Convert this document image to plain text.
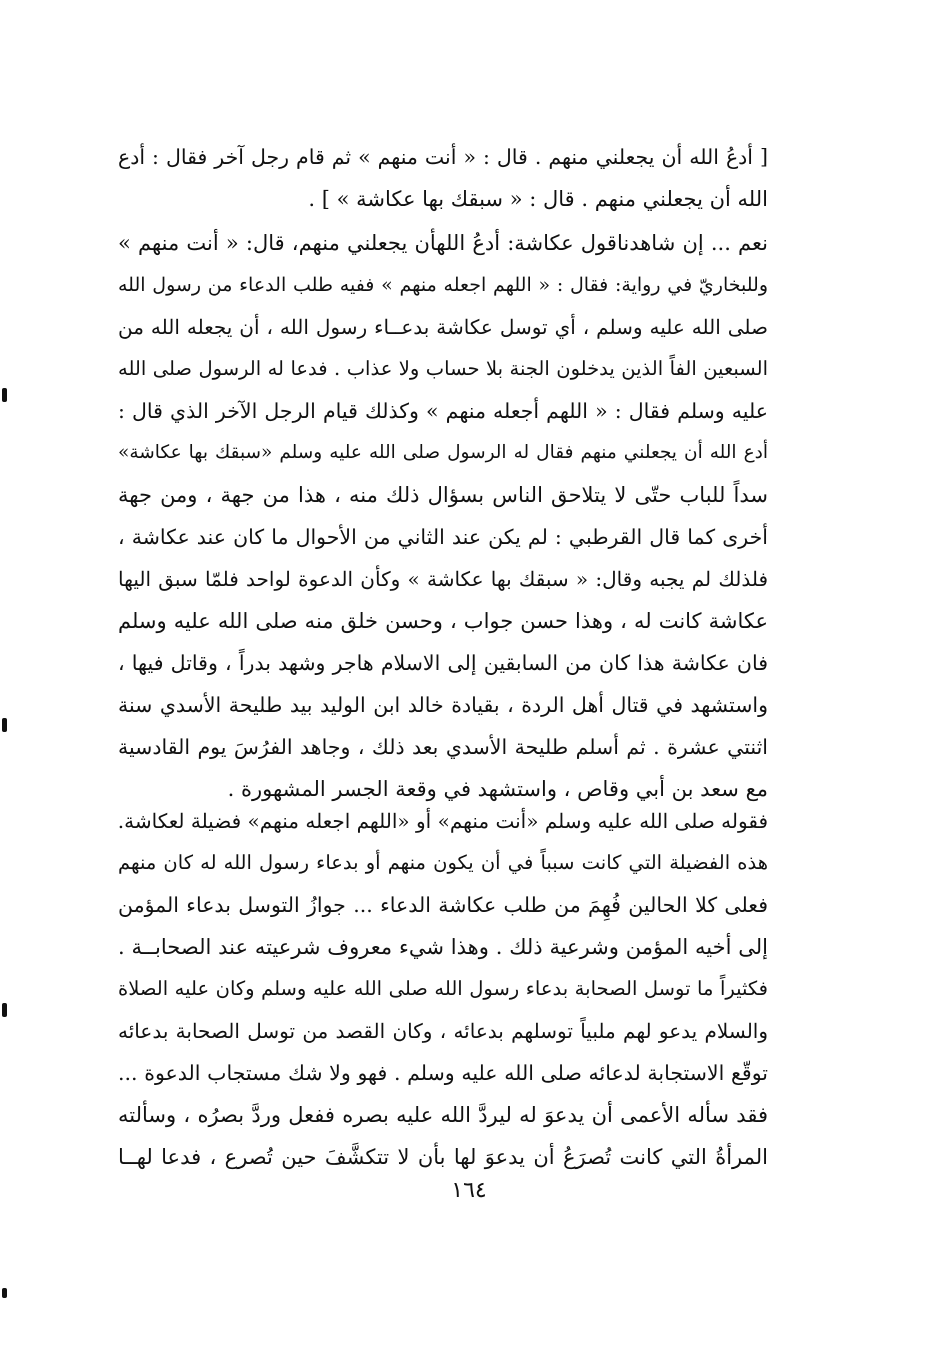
[ أدعُ الله أن يجعلني منهم . قال : « أنت منهم » ثم قام رجل آخر فقال : أدع
الله أن يجعلني منهم . قال : « سبقك بها عكاشة » ] .
نعم ... إن شاهدناقول عكاشة: أدعُ اللهأن يجعلني منهم، قال: « أنت منهم »
وللبخاريّ في رواية: فقال : « اللهم اجعله منهم » ففيه طلب الدعاء من رسول الله
صلى الله عليه وسلم ، أي توسل عكاشة بدعــاء رسول الله ، أن يجعله الله من
السبعين الفاً الذين يدخلون الجنة بلا حساب ولا عذاب . فدعا له الرسول صلى الله
عليه وسلم فقال : « اللهم أجعله منهم » وكذلك قيام الرجل الآخر الذي قال :
أدع الله أن يجعلني منهم فقال له الرسول صلى الله عليه وسلم «سبقك بها عكاشة»
سداً للباب حتّى لا يتلاحق الناس بسؤال ذلك منه ، هذا من جهة ، ومن جهة
أخرى كما قال القرطبي : لم يكن عند الثاني من الأحوال ما كان عند عكاشة ،
فلذلك لم يجبه وقال: « سبقك بها عكاشة » وكأن الدعوة لواحد فلمّا سبق اليها
عكاشة كانت له ، وهذا حسن جواب ، وحسن خلق منه صلى الله عليه وسلم
فان عكاشة هذا كان من السابقين إلى الاسلام هاجر وشهد بدراً ، وقاتل فيها ،
واستشهد في قتال أهل الردة ، بقيادة خالد ابن الوليد بيد طليحة الأسدي سنة
اثنتي عشرة . ثم أسلم طليحة الأسدي بعد ذلك ، وجاهد الفرُسَ يوم القادسية
مع سعد بن أبي وقاص ، واستشهد في وقعة الجسر المشهورة .
فقوله صلى الله عليه وسلم «أنت منهم» أو «اللهم اجعله منهم» فضيلة لعكاشة.
هذه الفضيلة التي كانت سبباً في أن يكون منهم أو بدعاء رسول الله له كان منهم
فعلى كلا الحالين فُهِمَ من طلب عكاشة الدعاء ... جوازُ التوسل بدعاء المؤمن
إلى أخيه المؤمن وشرعية ذلك . وهذا شيء معروف شرعيته عند الصحابــة .
فكثيراً ما توسل الصحابة بدعاء رسول الله صلى الله عليه وسلم وكان عليه الصلاة
والسلام يدعو لهم ملبياً توسلهم بدعائه ، وكان القصد من توسل الصحابة بدعائه
توقّع الاستجابة لدعائه صلى الله عليه وسلم . فهو ولا شك مستجاب الدعوة ...
فقد سأله الأعمى أن يدعوَ له ليردَّ الله عليه بصره ففعل وردَّ بصرُه ، وسألته
المرأةُ التي كانت تُصرَعُ أن يدعوَ لها بأن لا تتكشَّفَ حين تُصرع ، فدعا لهــا
١٦٤
